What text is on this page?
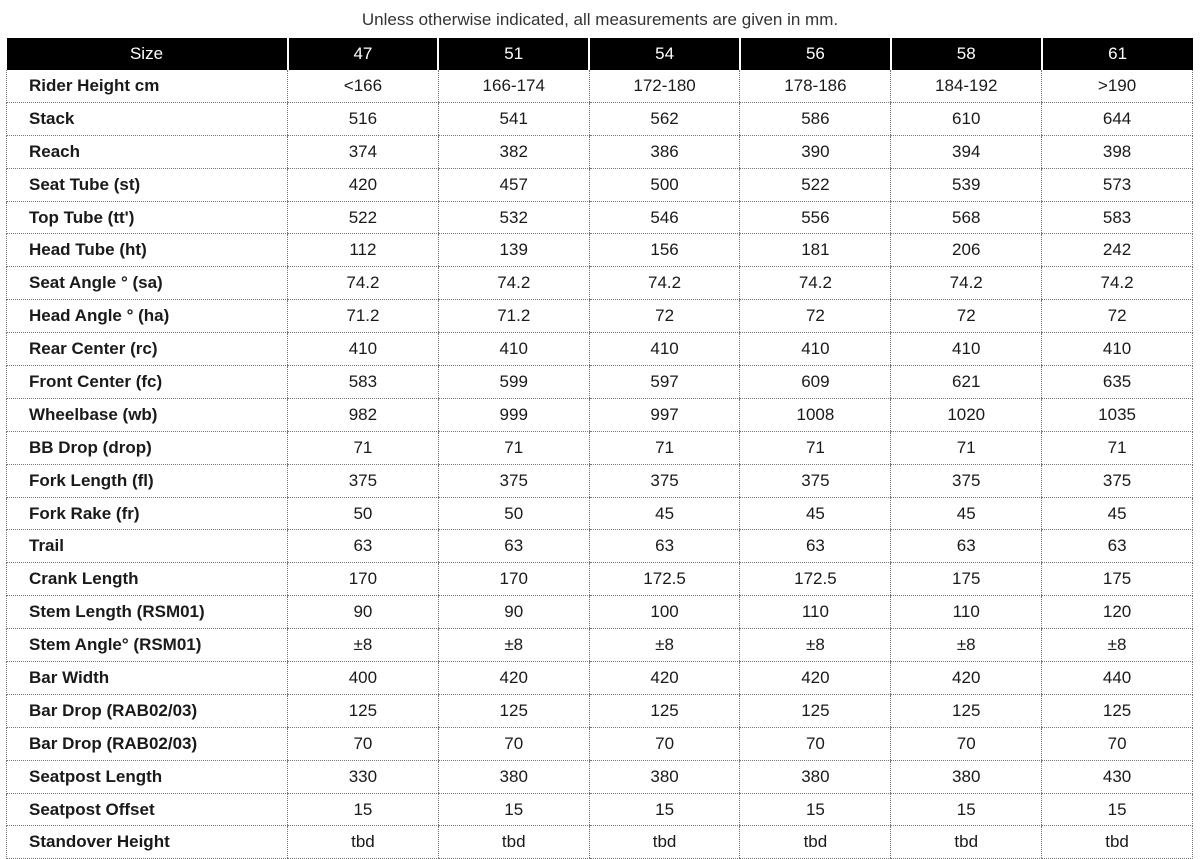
Unless otherwise indicated, all measurements are given in mm.
Size	47	51	54	56	58	61
Rider Height cm	<166	166-174	172-180	178-186	184-192	>190
Stack	516	541	562	586	610	644
Reach	374	382	386	390	394	398
Seat Tube (st)	420	457	500	522	539	573
Top Tube (tt')	522	532	546	556	568	583
Head Tube (ht)	112	139	156	181	206	242
Seat Angle ° (sa)	74.2	74.2	74.2	74.2	74.2	74.2
Head Angle ° (ha)	71.2	71.2	72	72	72	72
Rear Center (rc)	410	410	410	410	410	410
Front Center (fc)	583	599	597	609	621	635
Wheelbase (wb)	982	999	997	1008	1020	1035
BB Drop (drop)	71	71	71	71	71	71
Fork Length (fl)	375	375	375	375	375	375
Fork Rake (fr)	50	50	45	45	45	45
Trail	63	63	63	63	63	63
Crank Length	170	170	172.5	172.5	175	175
Stem Length (RSM01)	90	90	100	110	110	120
Stem Angle° (RSM01)	±8	±8	±8	±8	±8	±8
Bar Width	400	420	420	420	420	440
Bar Drop (RAB02/03)	125	125	125	125	125	125
Bar Drop (RAB02/03)	70	70	70	70	70	70
Seatpost Length	330	380	380	380	380	430
Seatpost Offset	15	15	15	15	15	15
Standover Height	tbd	tbd	tbd	tbd	tbd	tbd
